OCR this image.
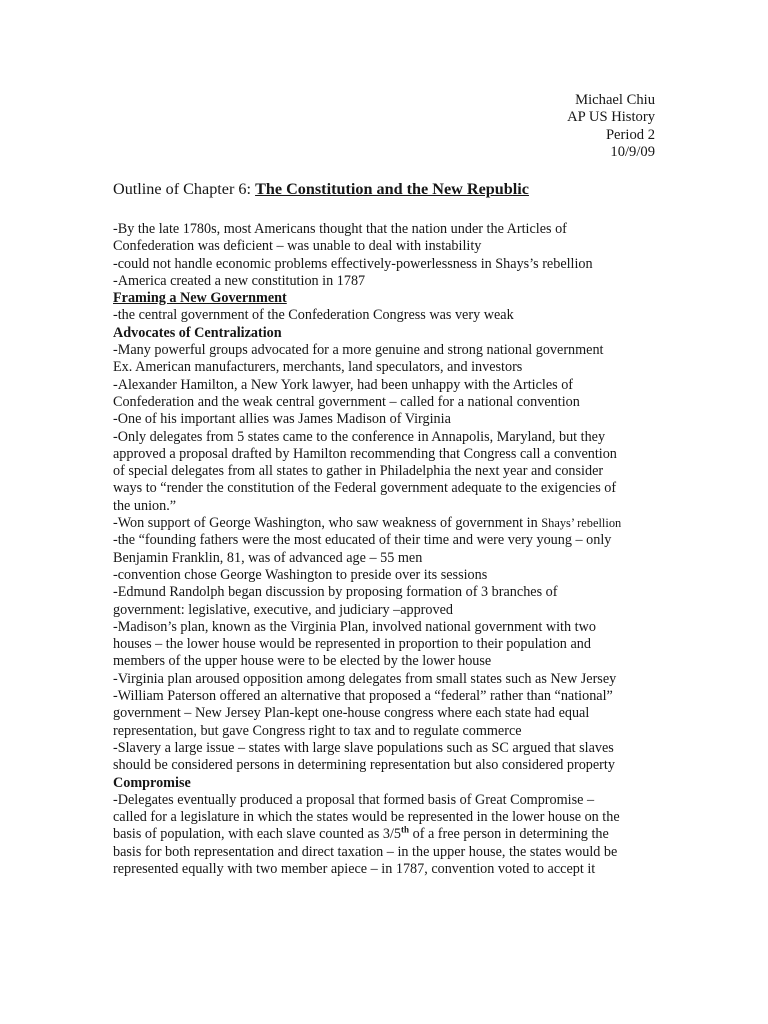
Michael Chiu
AP US History
Period 2
10/9/09
Outline of Chapter 6: The Constitution and the New Republic
-By the late 1780s, most Americans thought that the nation under the Articles of
Confederation was deficient – was unable to deal with instability
-could not handle economic problems effectively-powerlessness in Shays’s rebellion
-America created a new constitution in 1787
Framing a New Government
-the central government of the Confederation Congress was very weak
Advocates of Centralization
-Many powerful groups advocated for a more genuine and strong national government
Ex. American manufacturers, merchants, land speculators, and investors
-Alexander Hamilton, a New York lawyer, had been unhappy with the Articles of
Confederation and the weak central government – called for a national convention
-One of his important allies was James Madison of Virginia
-Only delegates from 5 states came to the conference in Annapolis, Maryland, but they
approved a proposal drafted by Hamilton recommending that Congress call a convention
of special delegates from all states to gather in Philadelphia the next year and consider
ways to “render the constitution of the Federal government adequate to the exigencies of
the union.”
-Won support of George Washington, who saw weakness of government in Shays’ rebellion
-the “founding fathers were the most educated of their time and were very young – only
Benjamin Franklin, 81, was of advanced age – 55 men
-convention chose George Washington to preside over its sessions
-Edmund Randolph began discussion by proposing formation of 3 branches of
government: legislative, executive, and judiciary –approved
-Madison’s plan, known as the Virginia Plan, involved national government with two
houses – the lower house would be represented in proportion to their population and
members of the upper house were to be elected by the lower house
-Virginia plan aroused opposition among delegates from small states such as New Jersey
-William Paterson offered an alternative that proposed a “federal” rather than “national”
government – New Jersey Plan-kept one-house congress where each state had equal
representation, but gave Congress right to tax and to regulate commerce
-Slavery a large issue – states with large slave populations such as SC argued that slaves
should be considered persons in determining representation but also considered property
Compromise
-Delegates eventually produced a proposal that formed basis of Great Compromise –
called for a legislature in which the states would be represented in the lower house on the
basis of population, with each slave counted as 3/5th of a free person in determining the
basis for both representation and direct taxation – in the upper house, the states would be
represented equally with two member apiece – in 1787, convention voted to accept it
